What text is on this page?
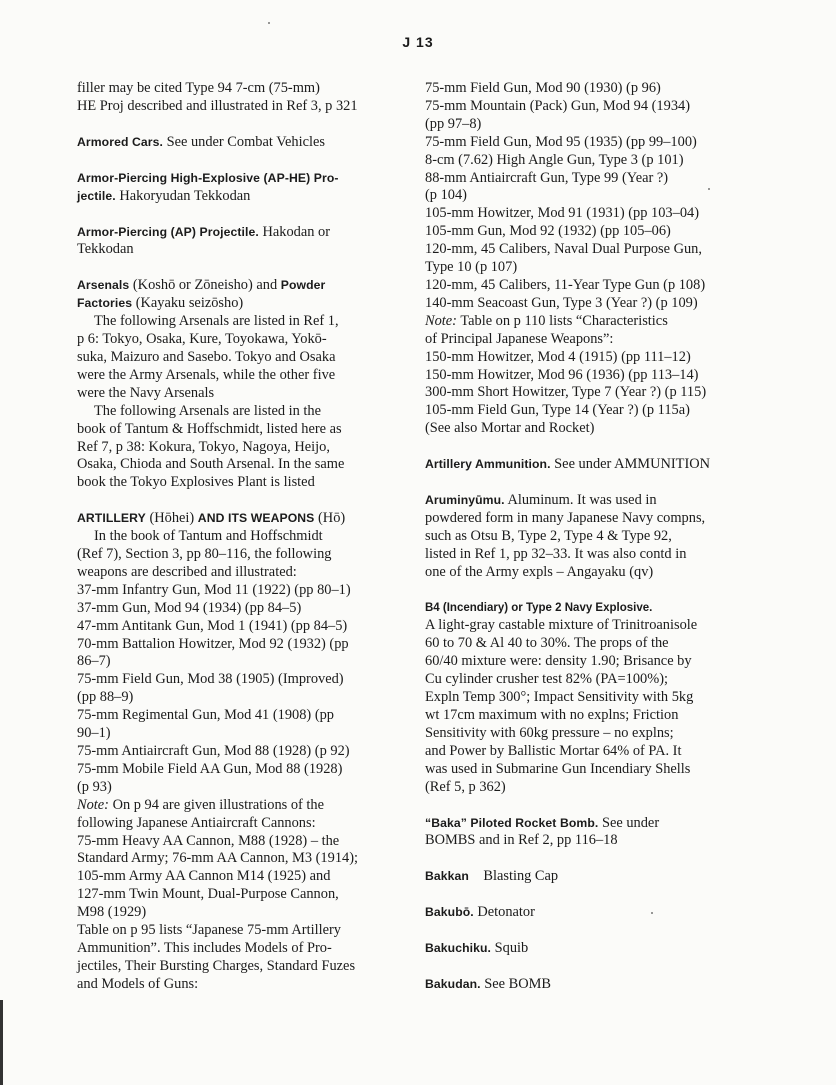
J 13
filler may be cited Type 94 7-cm (75-mm)
HE Proj described and illustrated in Ref 3, p 321
Armored Cars. See under Combat Vehicles
Armor-Piercing High-Explosive (AP-HE) Pro-
jectile. Hakoryudan Tekkodan
Armor-Piercing (AP) Projectile. Hakodan or
Tekkodan
Arsenals (Koshō or Zōneisho) and Powder
Factories (Kayaku seizōsho)
The following Arsenals are listed in Ref 1,
p 6: Tokyo, Osaka, Kure, Toyokawa, Yokō-
suka, Maizuro and Sasebo. Tokyo and Osaka
were the Army Arsenals, while the other five
were the Navy Arsenals
The following Arsenals are listed in the
book of Tantum & Hoffschmidt, listed here as
Ref 7, p 38: Kokura, Tokyo, Nagoya, Heijo,
Osaka, Chioda and South Arsenal. In the same
book the Tokyo Explosives Plant is listed
ARTILLERY (Hōhei) AND ITS WEAPONS (Hō)
In the book of Tantum and Hoffschmidt
(Ref 7), Section 3, pp 80–116, the following
weapons are described and illustrated:
37-mm Infantry Gun, Mod 11 (1922) (pp 80–1)
37-mm Gun, Mod 94 (1934) (pp 84–5)
47-mm Antitank Gun, Mod 1 (1941) (pp 84–5)
70-mm Battalion Howitzer, Mod 92 (1932) (pp
86–7)
75-mm Field Gun, Mod 38 (1905) (Improved)
(pp 88–9)
75-mm Regimental Gun, Mod 41 (1908) (pp
90–1)
75-mm Antiaircraft Gun, Mod 88 (1928) (p 92)
75-mm Mobile Field AA Gun, Mod 88 (1928)
(p 93)
Note: On p 94 are given illustrations of the
following Japanese Antiaircraft Cannons:
75-mm Heavy AA Cannon, M88 (1928) – the
Standard Army; 76-mm AA Cannon, M3 (1914);
105-mm Army AA Cannon M14 (1925) and
127-mm Twin Mount, Dual-Purpose Cannon,
M98 (1929)
Table on p 95 lists “Japanese 75-mm Artillery
Ammunition”. This includes Models of Pro-
jectiles, Their Bursting Charges, Standard Fuzes
and Models of Guns:
75-mm Field Gun, Mod 90 (1930) (p 96)
75-mm Mountain (Pack) Gun, Mod 94 (1934)
(pp 97–8)
75-mm Field Gun, Mod 95 (1935) (pp 99–100)
8-cm (7.62) High Angle Gun, Type 3 (p 101)
88-mm Antiaircraft Gun, Type 99 (Year ?)
(p 104)
105-mm Howitzer, Mod 91 (1931) (pp 103–04)
105-mm Gun, Mod 92 (1932) (pp 105–06)
120-mm, 45 Calibers, Naval Dual Purpose Gun,
Type 10 (p 107)
120-mm, 45 Calibers, 11-Year Type Gun (p 108)
140-mm Seacoast Gun, Type 3 (Year ?) (p 109)
Note: Table on p 110 lists “Characteristics
of Principal Japanese Weapons”:
150-mm Howitzer, Mod 4 (1915) (pp 111–12)
150-mm Howitzer, Mod 96 (1936) (pp 113–14)
300-mm Short Howitzer, Type 7 (Year ?) (p 115)
105-mm Field Gun, Type 14 (Year ?) (p 115a)
(See also Mortar and Rocket)
Artillery Ammunition. See under AMMUNITION
Aruminyūmu. Aluminum. It was used in
powdered form in many Japanese Navy compns,
such as Otsu B, Type 2, Type 4 & Type 92,
listed in Ref 1, pp 32–33. It was also contd in
one of the Army expls – Angayaku (qv)
B4 (Incendiary) or Type 2 Navy Explosive.
A light-gray castable mixture of Trinitroanisole
60 to 70 & Al 40 to 30%. The props of the
60/40 mixture were: density 1.90; Brisance by
Cu cylinder crusher test 82% (PA=100%);
Expln Temp 300°; Impact Sensitivity with 5kg
wt 17cm maximum with no explns; Friction
Sensitivity with 60kg pressure – no explns;
and Power by Ballistic Mortar 64% of PA. It
was used in Submarine Gun Incendiary Shells
(Ref 5, p 362)
“Baka” Piloted Rocket Bomb. See under
BOMBS and in Ref 2, pp 116–18
Bakkan    Blasting Cap
Bakubō. Detonator
Bakuchiku. Squib
Bakudan. See BOMB
